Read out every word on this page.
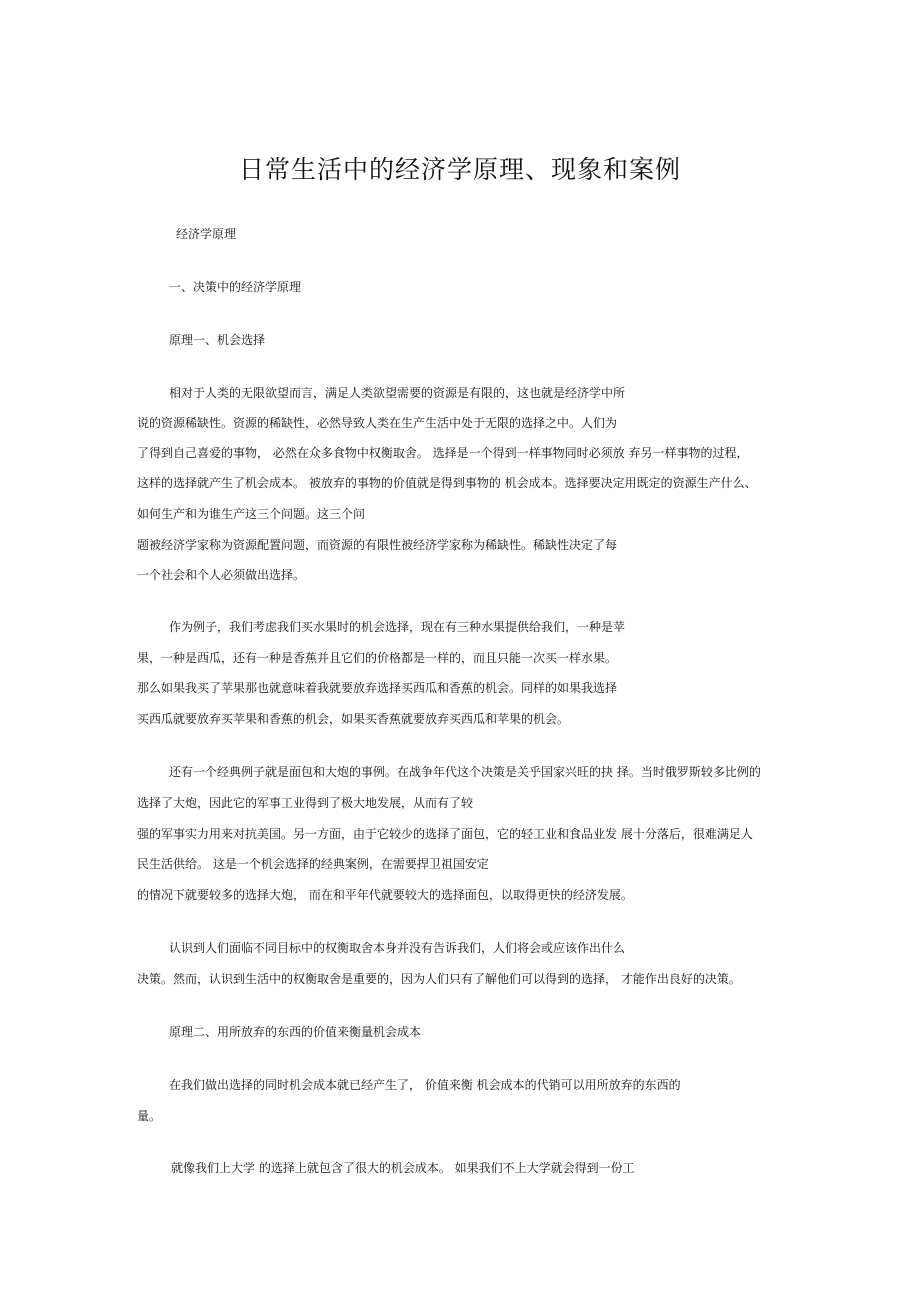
日常生活中的经济学原理、现象和案例

经济学原理

一、决策中的经济学原理

原理一、机会选择

相对于人类的无限欲望而言，满足人类欲望需要的资源是有限的，这也就是经济学中所

说的资源稀缺性。资源的稀缺性，必然导致人类在生产生活中处于无限的选择之中。人们为

了得到自己喜爱的事物， 必然在众多食物中权衡取舍。 选择是一个得到一样事物同时必须放 弃另一样事物的过程，

这样的选择就产生了机会成本。 被放弃的事物的价值就是得到事物的 机会成本。选择要决定用既定的资源生产什么、

如何生产和为谁生产这三个问题。这三个问

题被经济学家称为资源配置问题，而资源的有限性被经济学家称为稀缺性。稀缺性决定了每

一个社会和个人必须做出选择。

作为例子，我们考虑我们买水果时的机会选择，现在有三种水果提供给我们，一种是苹

果，一种是西瓜，还有一种是香蕉并且它们的价格都是一样的，而且只能一次买一样水果。

那么如果我买了苹果那也就意味着我就要放弃选择买西瓜和香蕉的机会。同样的如果我选择

买西瓜就要放弃买苹果和香蕉的机会，如果买香蕉就要放弃买西瓜和苹果的机会。

还有一个经典例子就是面包和大炮的事例。在战争年代这个决策是关乎国家兴旺的抉 择。当时俄罗斯较多比例的

选择了大炮，因此它的军事工业得到了极大地发展，从而有了较

强的军事实力用来对抗美国。另一方面，由于它较少的选择了面包，它的轻工业和食品业发 展十分落后，很难满足人

民生活供给。 这是一个机会选择的经典案例，在需要捍卫祖国安定

的情况下就要较多的选择大炮， 而在和平年代就要较大的选择面包，以取得更快的经济发展。

认识到人们面临不同目标中的权衡取舍本身并没有告诉我们，人们将会或应该作出什么

决策。然而，认识到生活中的权衡取舍是重要的，因为人们只有了解他们可以得到的选择， 才能作出良好的决策。

原理二、用所放弃的东西的价值来衡量机会成本

在我们做出选择的同时机会成本就已经产生了， 价值来衡 机会成本的代销可以用所放弃的东西的

量。

就像我们上大学 的选择上就包含了很大的机会成本。 如果我们不上大学就会得到一份工
